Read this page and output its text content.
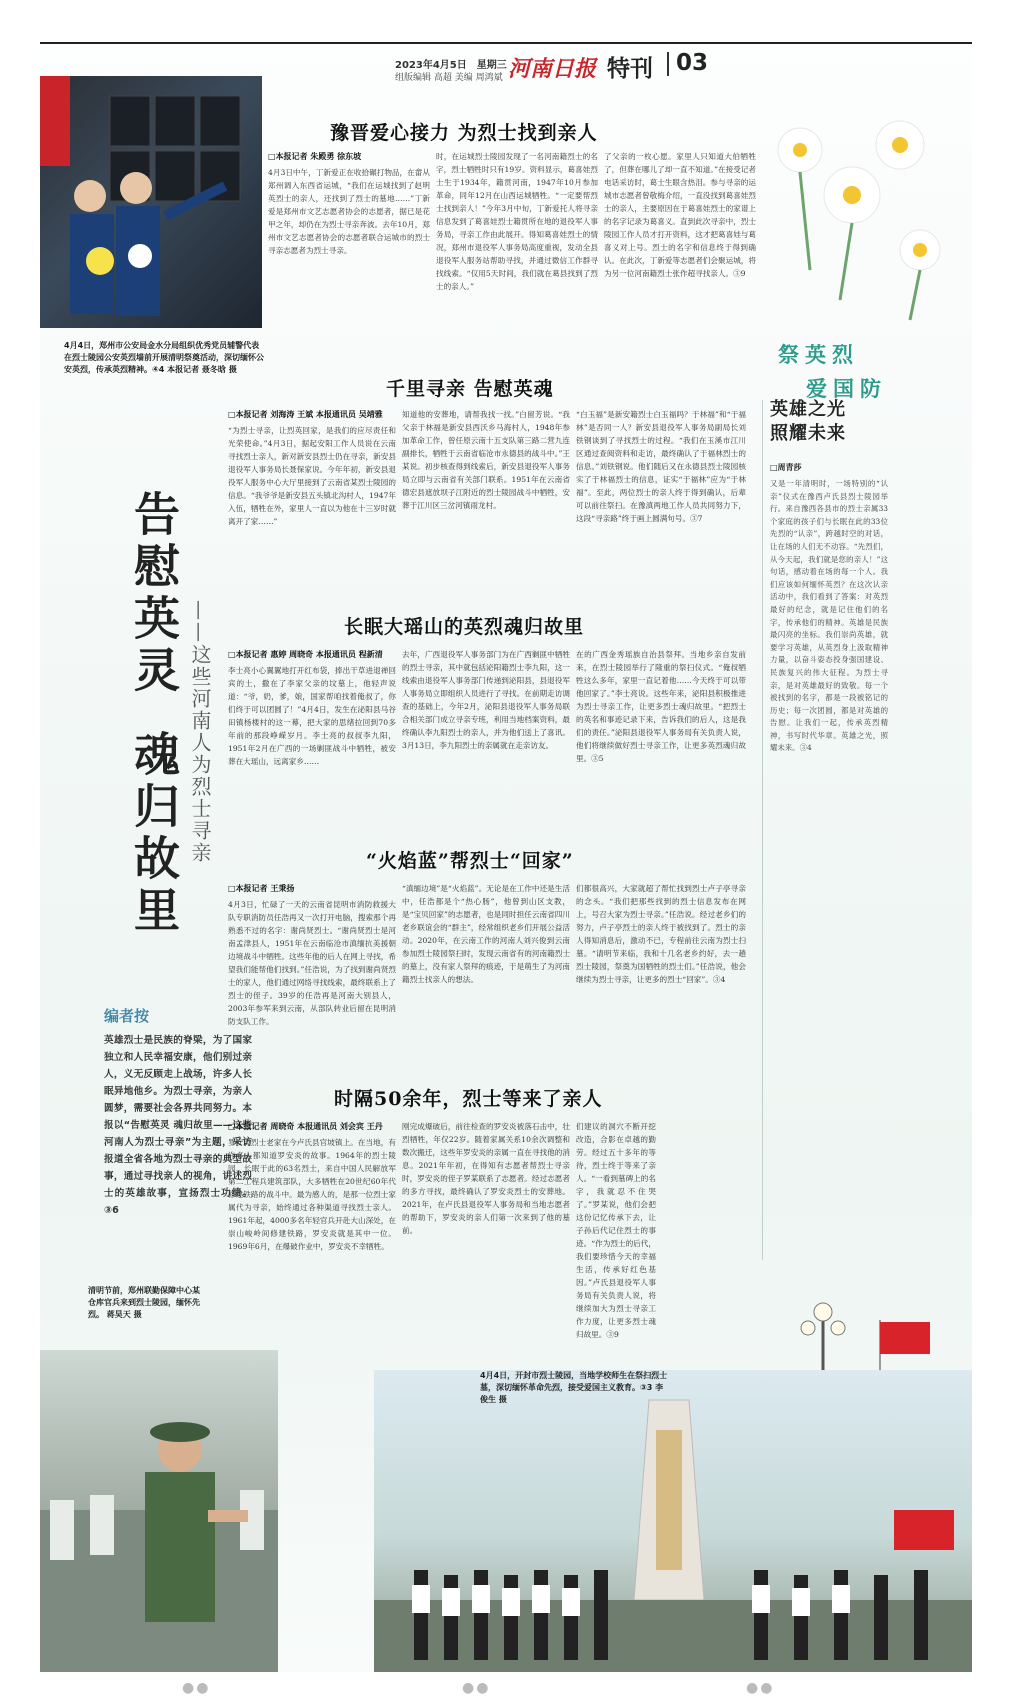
4月4日，郑州市公安局金水分局组织优秀党员辅警代表在烈士陵园公安英烈墙前开展清明祭奠活动，深切缅怀公安英烈，传承英烈精神。④4 本报记者 聂冬晗 摄
告慰英灵
魂归故里 ——这些河南人为烈士寻亲
编者按
英雄烈士是民族的脊梁，为了国家独立和人民幸福安康，他们别过亲人，义无反顾走上战场，许多人长眠异地他乡。为烈士寻亲，为亲人圆梦，需要社会各界共同努力。本报以“告慰英灵 魂归故里——这些河南人为烈士寻亲”为主题，采访报道全省各地为烈士寻亲的典型故事，通过寻找亲人的视角，讲述烈士的英雄故事，宣扬烈士功绩。③6
清明节前，郑州联勤保障中心某仓库官兵来到烈士陵园，缅怀先烈。 蒋昊天 摄
4月4日，开封市烈士陵园，当地学校师生在祭扫烈士墓，深切缅怀革命先烈，接受爱国主义教育。③3 李俊生 摄
祭英烈
爱国防
2023年4月5日　星期三
组版编辑 高超 美编 周鸿斌 河南日报 特刊 03
豫晋爱心接力 为烈士找到亲人
□本报记者 朱殿勇 徐东坡
4月3日中午，丁新爱正在收拾碾打物品，在畲从郑州调入东西省运城，“我们在运城找到了赵明英烈士的亲人，还找到了烈士的墓地……”丁新爱是郑州市文艺志愿者协会的志愿者，据已是花甲之年，却仍在为烈士寻亲奔波。去年10月，郑州市文艺志愿者协会的志愿者联合运城市的烈士寻亲志愿者为烈士寻亲。
时，在运城烈士陵园发现了一名河南籍烈士的名字，烈士牺牲时只有19岁。资料显示，葛喜娃烈士生于1934年，籍贯河南，1947年10月参加革命，同年12月在山西运城牺牲。“一定要帮烈士找到亲人！”今年3月中旬，丁新爱托人将寻亲信息发到了葛喜娃烈士籍贯所在地的退役军人事务局，寻亲工作由此展开。得知葛喜娃烈士的情况，郑州市退役军人事务局高度重视，发动全县退役军人服务站帮助寻找，并通过微信工作群寻找线索。“仅用5天时间，我们就在葛县找到了烈士的亲人。”
了父亲的一枚心愿。家里人只知道大伯牺牲了，但葬在哪儿了却一直不知道。”在接受记者电话采访时，葛士生眼含热泪。参与寻亲的运城市志愿者曾敬梅介绍，一直没找到葛喜娃烈士的亲人，主要原因在于葛喜娃烈士的家谱上的名字记录为葛喜义。直到此次寻亲中，烈士陵园工作人员才打开资料，这才把葛喜娃与葛喜义对上号。烈士的名字和信息终于得到确认。在此次，丁新爱等志愿者们会聚运城，将为另一位河南籍烈士张作超寻找亲人。③9
千里寻亲 告慰英魂
□本报记者 刘海涛 王斌 本报通讯员 吴靖雅
“为烈士寻亲，让烈英回家，是我们的应尽责任和光荣使命。”4月3日，据起安阳工作人员说在云南寻找烈士亲人，新对新安县烈士仍在寻亲，新安县退役军人事务局长聂保家说。今年年初，新安县退役军人服务中心大厅里接到了云南省某烈士陵园的信息。“我爷爷是新安县五头镇北沟村人，1947年入伍，牺牲在外，家里人一直以为他在十三岁时就离开了家……”
知道他的安葬地，请帮我找一找。”白留芳说。“我父亲于林福是新安县西沃乡马海村人，1948年参加革命工作，曾任原云南十五支队第三路二营九连副排长，牺牲于云南省临沧市永德县的战斗中。”王某说。初步核查得到线索后，新安县退役军人事务局立即与云南省有关部门联系。1951年在云南省德宏县遮放坝子江附近的烈士陵园战斗中牺牲，安葬于江川区三岔河镇雨龙村。
“白玉福”是新安籍烈士白玉福吗？于林福”和“于福林”是否同一人？新安县退役军人事务局副局长刘铁钢谈到了寻找烈士的过程。“我们在玉溪市江川区通过查阅资料和走访，最终确认了于福林烈士的信息。”刘铁钢说。他们随后又在永德县烈士陵园核实了于林福烈士的信息，证实“于福林”应为“于林福”。至此，两位烈士的亲人终于得到确认，后辈可以前往祭扫。在豫滇两地工作人员共同努力下，这段“寻亲路”终于画上圆满句号。③7
长眠大瑶山的英烈魂归故里
□本报记者 惠婷 周晓奇 本报通讯员 程新清
李士亮小心翼翼地打开红布袋，捧出干草进退禅回宾的土，撒在了李家父亲的坟墓上，他轻声说道：“爷，奶，爹，娘，国家帮咱找着俺叔了，你们终于可以团圆了！”4月4日，发生在泌阳县马谷田镇杨楼村的这一幕，把大家的思绪拉回到70多年前的那段峥嵘岁月。李士亮的叔叔李九阳，1951年2月在广西的一场剿匪战斗中牺牲，被安葬在大瑶山，远离家乡……
去年，广西退役军人事务部门为在广西剿匪中牺牲的烈士寻亲，其中就包括泌阳籍烈士李九阳，这一线索由退役军人事务部门传递到泌阳县，县退役军人事务局立即组织人员进行了寻找。在前期走访调查的基础上，今年2月，泌阳县退役军人事务局联合相关部门成立寻亲专班，利用当地档案资料，最终确认李九阳烈士的亲人，并为他们送上了喜讯。3月13日，李九阳烈士的亲属就在走亲访友。
在的广西金秀瑶族自治县祭拜。当地乡亲自发前来，在烈士陵园举行了隆重的祭扫仪式。“俺叔牺牲这么多年，家里一直记着他……今天终于可以带他回家了。”李士亮说。这些年来，泌阳县积极推进为烈士寻亲工作，让更多烈士魂归故里。“把烈士的英名和事迹记录下来，告诉我们的后人，这是我们的责任。”泌阳县退役军人事务局有关负责人说，他们将继续做好烈士寻亲工作，让更多英烈魂归故里。③5
“火焰蓝”帮烈士“回家”
□本报记者 王秉扬
4月3日，忙碌了一天的云南省昆明市消防救援大队专职消防员任浩再又一次打开电脑，搜索那个再熟悉不过的名字：谢尚贤烈士。“谢尚贤烈士是河南孟津县人，1951年在云南临沧市滇缅抗美援朝边境战斗中牺牲。这些年他的后人在网上寻找，希望我们能帮他们找到。”任浩说，为了找到谢尚贤烈士的家人，他们通过网络寻找线索，最终联系上了烈士的侄子。39岁的任浩再是河南大别县人，2003年参军来到云南，从部队转业后留在昆明消防支队工作。
“滇缅边境”是“火焰蓝”。无论是在工作中还是生活中，任浩都是个“热心肠”，他曾到山区支教，是“宝贝回家”的志愿者，也是同时担任云南省四川老乡联谊会的“群主”，经常组织老乡们开展公益活动。2020年，在云南工作的河南人刘兴俊到云南参加烈士陵园祭扫时，发现云南省有的河南籍烈士的墓上，没有家人祭拜的痕迹，于是萌生了为河南籍烈士找亲人的想法。
们都很高兴，大家就超了帮忙找到烈士卢子亭寻亲的念头。“我们把那些找到的烈士信息发布在网上，号召大家为烈士寻亲。”任浩说。经过老乡们的努力，卢子亭烈士的亲人终于被找到了。烈士的亲人得知消息后，激动不已，专程前往云南为烈士扫墓。“请明节来临，我和十几名老乡约好，去一趟烈士陵园，祭奠为国牺牲的烈士们。”任浩说，他会继续为烈士寻亲，让更多的烈士“回家”。③4
时隔50余年，烈士等来了亲人
□本报记者 周晓奇 本报通讯员 刘会宾 王丹
罗安炎烈士老家在今卢氏县官坡镇上。在当地，有许多人都知道罗安炎的故事。1964年的烈士陵园，长眠于此的63名烈士，来自中国人民解放军第二工程兵建筑部队，大多牺牲在20世纪60年代修建铁路的战斗中。最为感人的，是那一位烈士家属代为寻亲，始终通过各种渠道寻找烈士亲人。1961年起，4000多名年轻官兵开赴大山深处，在崇山峻岭间修建铁路，罗安炎就是其中一位。1969年6月，在爆破作业中，罗安炎不幸牺牲。
刚完成爆破后，前往检查的罗安炎被落石击中，壮烈牺牲，年仅22岁。随着家属关系10余次调整和数次搬迁，这些年罗安炎的亲属一直在寻找他的消息。2021年年初，在得知有志愿者帮烈士寻亲时，罗安炎的侄子罗某联系了志愿者。经过志愿者的多方寻找，最终确认了罗安炎烈士的安葬地。2021年，在卢氏县退役军人事务局和当地志愿者的帮助下，罗安炎的亲人们第一次来到了他的墓前。
们建议的洞穴不断开挖改造，合影在卓越的勤劳。经过五十多年的等待，烈士终于等来了亲人。“一看到墓碑上的名字，我就忍不住哭了。”罗某说，他们会把这份记忆传承下去，让子孙后代记住烈士的事迹。“作为烈士的后代，我们要珍惜今天的幸福生活，传承好红色基因。”卢氏县退役军人事务局有关负责人说，将继续加大为烈士寻亲工作力度，让更多烈士魂归故里。③9
英雄之光
照耀未来
□周青莎
又是一年清明时，一场特别的“认亲”仪式在豫西卢氏县烈士陵园举行。来自豫西各县市的烈士亲属33个家庭的孩子们与长眠在此的33位先烈的“认亲”，跨越时空的对话，让在场的人们无不动容。“先烈们，从今天起，我们就是您的亲人！”这句话，感动着在场的每一个人。我们应该如何缅怀英烈？在这次认亲活动中，我们看到了答案：对英烈最好的纪念，就是记住他们的名字，传承他们的精神。英雄是民族最闪亮的坐标。我们崇尚英雄，就要学习英雄，从英烈身上汲取精神力量，以奋斗姿态投身强国建设、民族复兴的伟大征程。为烈士寻亲，是对英雄最好的致敬。每一个被找到的名字，都是一段被铭记的历史；每一次团圆，都是对英雄的告慰。让我们一起，传承英烈精神，书写时代华章。英雄之光，照耀未来。③4
●●	●●	●●
